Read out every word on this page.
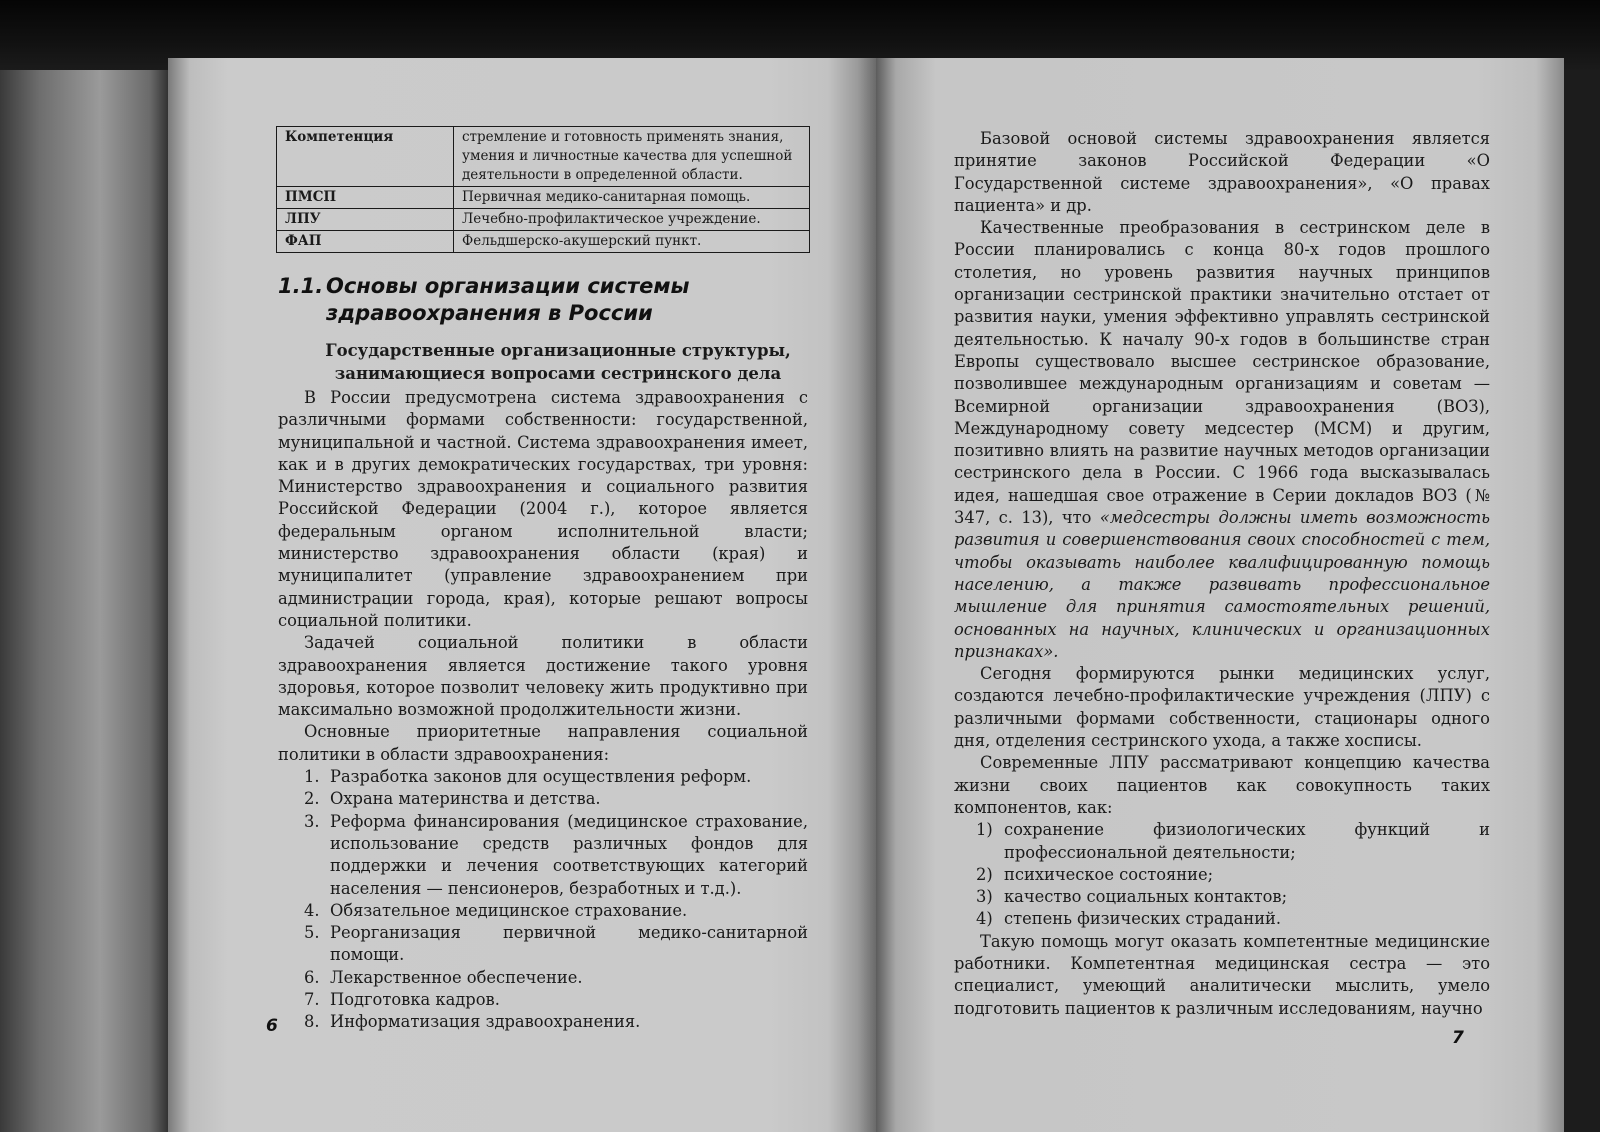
Компетенция	стремление и готовность применять знания, умения и личностные качества для успешной деятельности в определенной области.
ПМСП	Первичная медико-санитарная помощь.
ЛПУ	Лечебно-профилактическое учреждение.
ФАП	Фельдшерско-акушерский пункт.
1.1. Основы организации системы
здравоохранения в России
Государственные организационные структуры,
занимающиеся вопросами сестринского дела

В России предусмотрена система здравоохранения с различными формами собственности: государственной, муниципальной и частной. Система здравоохранения имеет, как и в других демократических государствах, три уровня: Министерство здравоохранения и социального развития Российской Федерации (2004 г.), которое является федеральным органом исполнительной власти; министерство здравоохранения области (края) и муниципалитет (управление здравоохранением при администрации города, края), которые решают вопросы социальной политики.

Задачей социальной политики в области здравоохранения является достижение такого уровня здоровья, которое позволит человеку жить продуктивно при максимально возможной продолжительности жизни.

Основные приоритетные направления социальной политики в области здравоохранения:

1. Разработка законов для осуществления реформ.
2. Охрана материнства и детства.
3. Реформа финансирования (медицинское страхование, использование средств различных фондов для поддержки и лечения соответствующих категорий населения — пенсионеров, безработных и т.д.).
4. Обязательное медицинское страхование.
5. Реорганизация первичной медико-санитарной помощи.
6. Лекарственное обеспечение.
7. Подготовка кадров.
8. Информатизация здравоохранения.
6

Базовой основой системы здравоохранения является принятие законов Российской Федерации «О Государственной системе здравоохранения», «О правах пациента» и др.

Качественные преобразования в сестринском деле в России планировались с конца 80-х годов прошлого столетия, но уровень развития научных принципов организации сестринской практики значительно отстает от развития науки, умения эффективно управлять сестринской деятельностью. К началу 90-х годов в большинстве стран Европы существовало высшее сестринское образование, позволившее международным организациям и советам — Всемирной организации здравоохранения (ВОЗ), Международному совету медсестер (МСМ) и другим, позитивно влиять на развитие научных методов организации сестринского дела в России. С 1966 года высказывалась идея, нашедшая свое отражение в Серии докладов ВОЗ (№ 347, с. 13), что «медсестры должны иметь возможность развития и совершенствования своих способностей с тем, чтобы оказывать наиболее квалифицированную помощь населению, а также развивать профессиональное мышление для принятия самостоятельных решений, основанных на научных, клинических и организационных признаках».

Сегодня формируются рынки медицинских услуг, создаются лечебно-профилактические учреждения (ЛПУ) с различными формами собственности, стационары одного дня, отделения сестринского ухода, а также хосписы.

Современные ЛПУ рассматривают концепцию качества жизни своих пациентов как совокупность таких компонентов, как:

1) сохранение физиологических функций и профессиональной деятельности;
2) психическое состояние;
3) качество социальных контактов;
4) степень физических страданий.

Такую помощь могут оказать компетентные медицинские работники. Компетентная медицинская сестра — это специалист, умеющий аналитически мыслить, умело подготовить пациентов к различным исследованиям, научно

7
